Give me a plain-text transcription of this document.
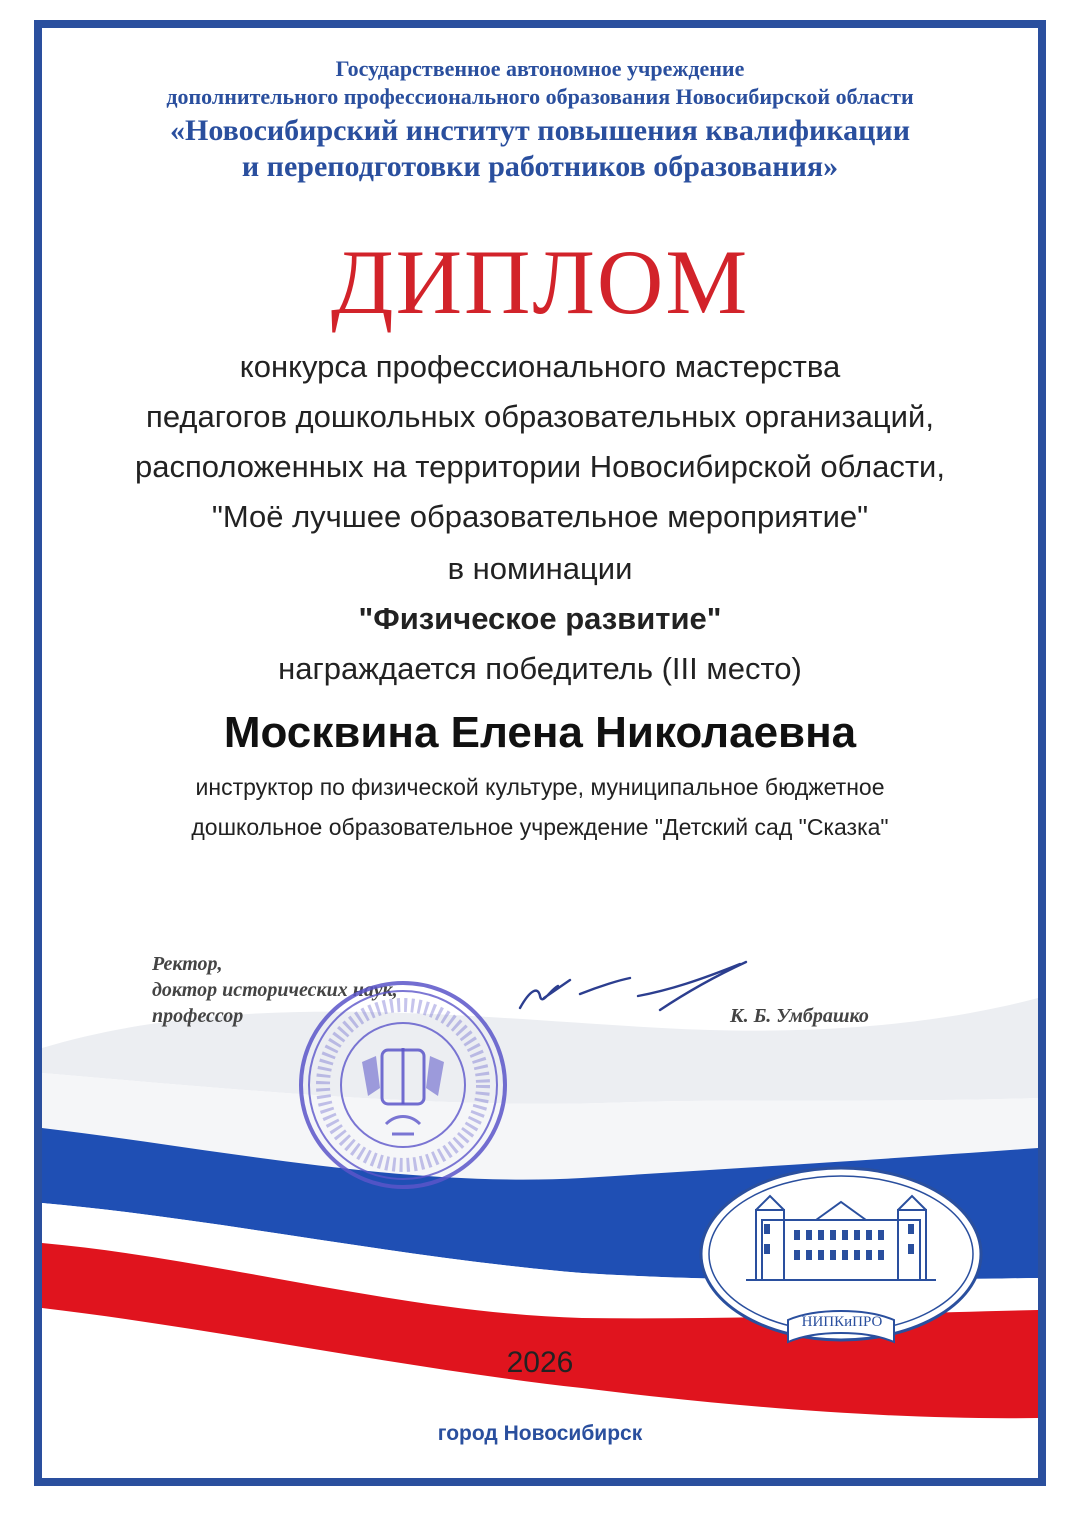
Государственное автономное учреждение
дополнительного профессионального образования Новосибирской области
«Новосибирский институт повышения квалификации
и переподготовки работников образования»
ДИПЛОМ
конкурса профессионального мастерства
педагогов дошкольных образовательных организаций,
расположенных на территории Новосибирской области,
"Моё лучшее образовательное мероприятие"
в номинации
"Физическое развитие"
награждается победитель (III место)
Москвина Елена Николаевна
инструктор по физической культуре, муниципальное бюджетное
дошкольное образовательное учреждение "Детский сад "Сказка"
Ректор,
доктор исторических наук,
профессор	К. Б. Умбрашко
НИПКиПРО
2026
город Новосибирск
